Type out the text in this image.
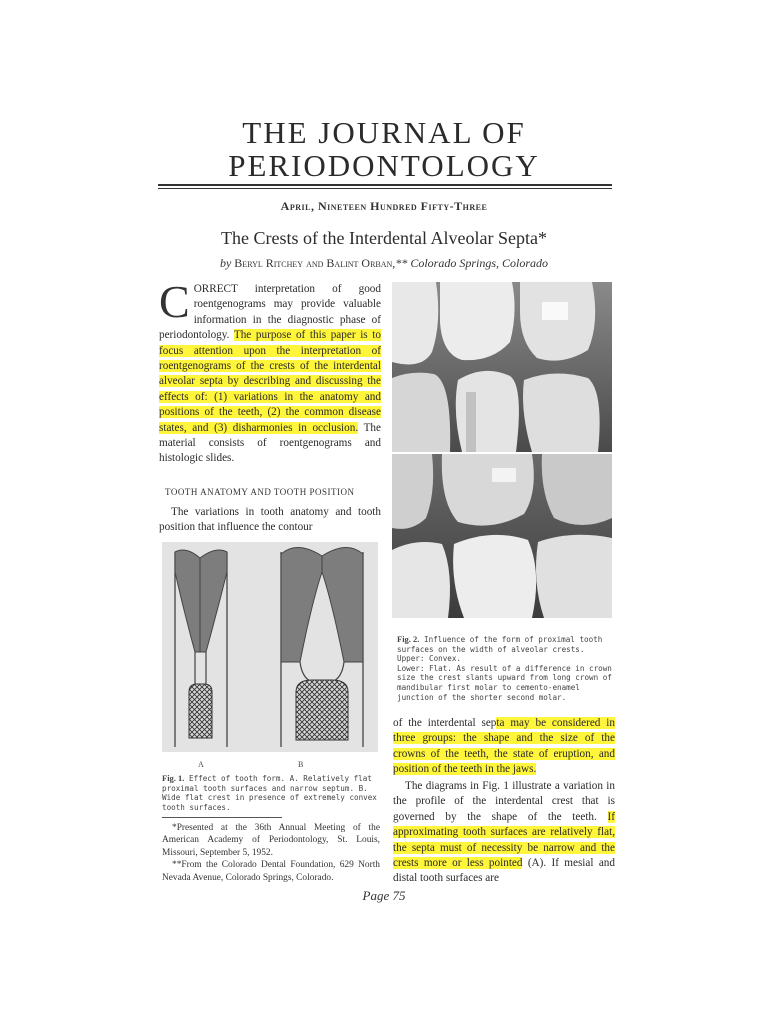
THE JOURNAL OF
PERIODONTOLOGY
April, Nineteen Hundred Fifty-Three
The Crests of the Interdental Alveolar Septa*
by Beryl Ritchey and Balint Orban,** Colorado Springs, Colorado
C ORRECT interpretation of good roentgenograms may provide valuable information in the diagnostic phase of periodontology. The purpose of this paper is to focus attention upon the interpretation of roentgenograms of the crests of the interdental alveolar septa by describing and discussing the effects of: (1) variations in the anatomy and positions of the teeth, (2) the common disease states, and (3) disharmonies in occlusion. The material consists of roentgenograms and histologic slides.
TOOTH ANATOMY AND TOOTH POSITION
The variations in tooth anatomy and tooth position that influence the contour
A	B
Fig. 1. Effect of tooth form. A. Relatively flat proximal tooth surfaces and narrow septum. B. Wide flat crest in presence of extremely convex tooth surfaces.

*Presented at the 36th Annual Meeting of the American Academy of Periodontology, St. Louis, Missouri, September 5, 1952.

**From the Colorado Dental Foundation, 629 North Nevada Avenue, Colorado Springs, Colorado.

Fig. 2. Influence of the form of proximal tooth surfaces on the width of alveolar crests.
Upper: Convex.
Lower: Flat. As result of a difference in crown size the crest slants upward from long crown of mandibular first molar to cemento-enamel junction of the shorter second molar.
of the interdental septa may be considered in three groups: the shape and the size of the crowns of the teeth, the state of eruption, and position of the teeth in the jaws.
The diagrams in Fig. 1 illustrate a variation in the profile of the interdental crest that is governed by the shape of the teeth. If approximating tooth surfaces are relatively flat, the septa must of necessity be narrow and the crests more or less pointed (A). If mesial and distal tooth surfaces are
Page 75
